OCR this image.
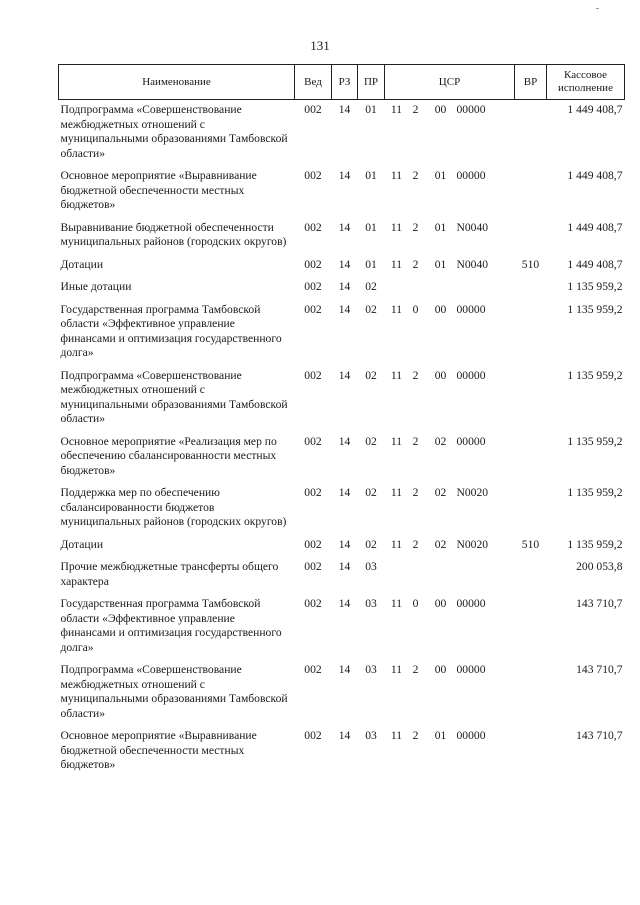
131
Наименование	Вед	РЗ	ПР	ЦСР	ВР	Кассовое исполнение
Подпрограмма «Совершенствование межбюджетных отношений с муниципальными образованиями Тамбовской области»	002	14	01	11 2 00 00000		1 449 408,7
Основное мероприятие «Выравнивание бюджетной обеспеченности местных бюджетов»	002	14	01	11 2 01 00000		1 449 408,7
Выравнивание бюджетной обеспеченности муниципальных районов (городских округов)	002	14	01	11 2 01 N0040		1 449 408,7
Дотации	002	14	01	11 2 01 N0040	510	1 449 408,7
Иные дотации	002	14	02			1 135 959,2
Государственная программа Тамбовской области «Эффективное управление финансами и оптимизация государственного долга»	002	14	02	11 0 00 00000		1 135 959,2
Подпрограмма «Совершенствование межбюджетных отношений с муниципальными образованиями Тамбовской области»	002	14	02	11 2 00 00000		1 135 959,2
Основное мероприятие «Реализация мер по обеспечению сбалансированности местных бюджетов»	002	14	02	11 2 02 00000		1 135 959,2
Поддержка мер по обеспечению сбалансированности бюджетов муниципальных районов (городских округов)	002	14	02	11 2 02 N0020		1 135 959,2
Дотации	002	14	02	11 2 02 N0020	510	1 135 959,2
Прочие межбюджетные трансферты общего характера	002	14	03			200 053,8
Государственная программа Тамбовской области «Эффективное управление финансами и оптимизация государственного долга»	002	14	03	11 0 00 00000		143 710,7
Подпрограмма «Совершенствование межбюджетных отношений с муниципальными образованиями Тамбовской области»	002	14	03	11 2 00 00000		143 710,7
Основное мероприятие «Выравнивание бюджетной обеспеченности местных бюджетов»	002	14	03	11 2 01 00000		143 710,7
